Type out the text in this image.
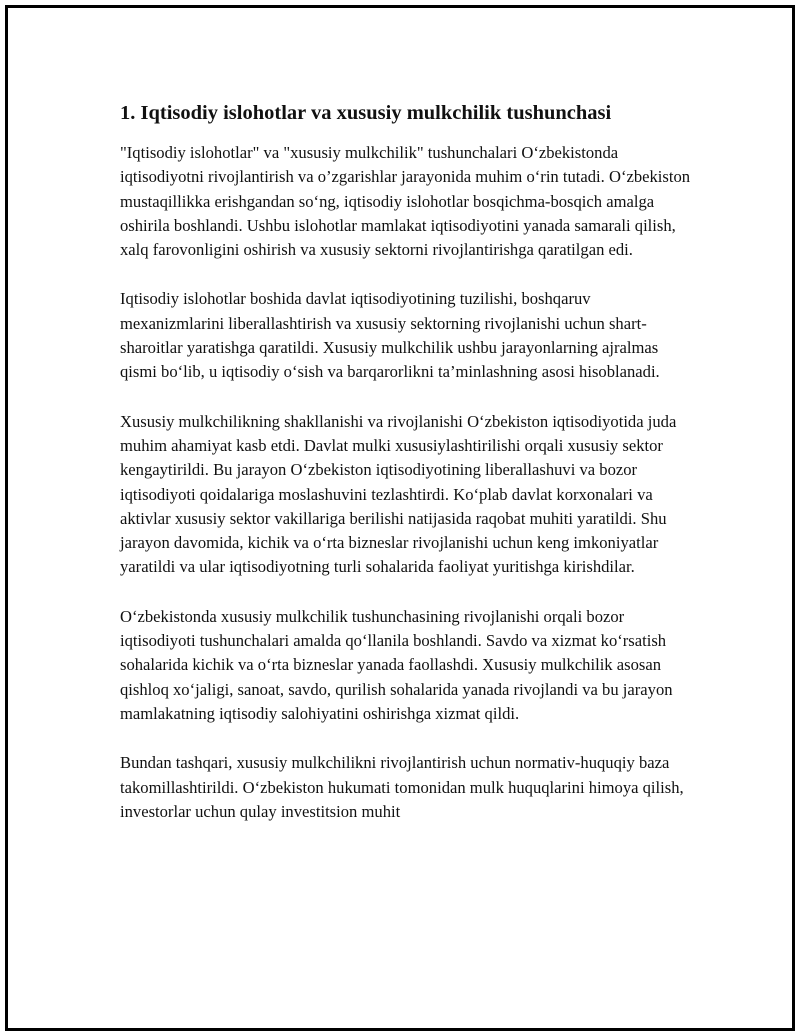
1. Iqtisodiy islohotlar va xususiy mulkchilik tushunchasi

"Iqtisodiy islohotlar" va "xususiy mulkchilik" tushunchalari O‘zbekistonda iqtisodiyotni rivojlantirish va o’zgarishlar jarayonida muhim o‘rin tutadi. O‘zbekiston mustaqillikka erishgandan so‘ng, iqtisodiy islohotlar bosqichma-bosqich amalga oshirila boshlandi. Ushbu islohotlar mamlakat iqtisodiyotini yanada samarali qilish, xalq farovonligini oshirish va xususiy sektorni rivojlantirishga qaratilgan edi.

Iqtisodiy islohotlar boshida davlat iqtisodiyotining tuzilishi, boshqaruv mexanizmlarini liberallashtirish va xususiy sektorning rivojlanishi uchun shart-sharoitlar yaratishga qaratildi. Xususiy mulkchilik ushbu jarayonlarning ajralmas qismi bo‘lib, u iqtisodiy o‘sish va barqarorlikni ta’minlashning asosi hisoblanadi.

Xususiy mulkchilikning shakllanishi va rivojlanishi O‘zbekiston iqtisodiyotida juda muhim ahamiyat kasb etdi. Davlat mulki xususiylashtirilishi orqali xususiy sektor kengaytirildi. Bu jarayon O‘zbekiston iqtisodiyotining liberallashuvi va bozor iqtisodiyoti qoidalariga moslashuvini tezlashtirdi. Ko‘plab davlat korxonalari va aktivlar xususiy sektor vakillariga berilishi natijasida raqobat muhiti yaratildi. Shu jarayon davomida, kichik va o‘rta bizneslar rivojlanishi uchun keng imkoniyatlar yaratildi va ular iqtisodiyotning turli sohalarida faoliyat yuritishga kirishdilar.

O‘zbekistonda xususiy mulkchilik tushunchasining rivojlanishi orqali bozor iqtisodiyoti tushunchalari amalda qo‘llanila boshlandi. Savdo va xizmat ko‘rsatish sohalarida kichik va o‘rta bizneslar yanada faollashdi. Xususiy mulkchilik asosan qishloq xo‘jaligi, sanoat, savdo, qurilish sohalarida yanada rivojlandi va bu jarayon mamlakatning iqtisodiy salohiyatini oshirishga xizmat qildi.

Bundan tashqari, xususiy mulkchilikni rivojlantirish uchun normativ-huquqiy baza takomillashtirildi. O‘zbekiston hukumati tomonidan mulk huquqlarini himoya qilish, investorlar uchun qulay investitsion muhit
